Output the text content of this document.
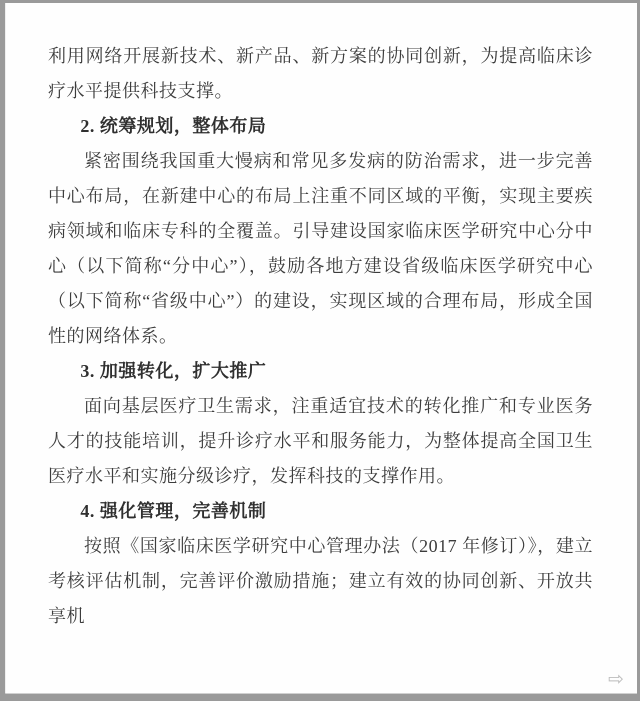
利用网络开展新技术、新产品、新方案的协同创新，为提高临床诊疗水平提供科技支撑。

2. 统筹规划，整体布局

紧密围绕我国重大慢病和常见多发病的防治需求，进一步完善中心布局，在新建中心的布局上注重不同区域的平衡，实现主要疾病领域和临床专科的全覆盖。引导建设国家临床医学研究中心分中心（以下简称“分中心”），鼓励各地方建设省级临床医学研究中心（以下简称“省级中心”）的建设，实现区域的合理布局，形成全国性的网络体系。

3. 加强转化，扩大推广

面向基层医疗卫生需求，注重适宜技术的转化推广和专业医务人才的技能培训，提升诊疗水平和服务能力，为整体提高全国卫生医疗水平和实施分级诊疗，发挥科技的支撑作用。

4. 强化管理，完善机制

按照《国家临床医学研究中心管理办法（2017 年修订）》，建立考核评估机制，完善评价激励措施；建立有效的协同创新、开放共享机

⇨
